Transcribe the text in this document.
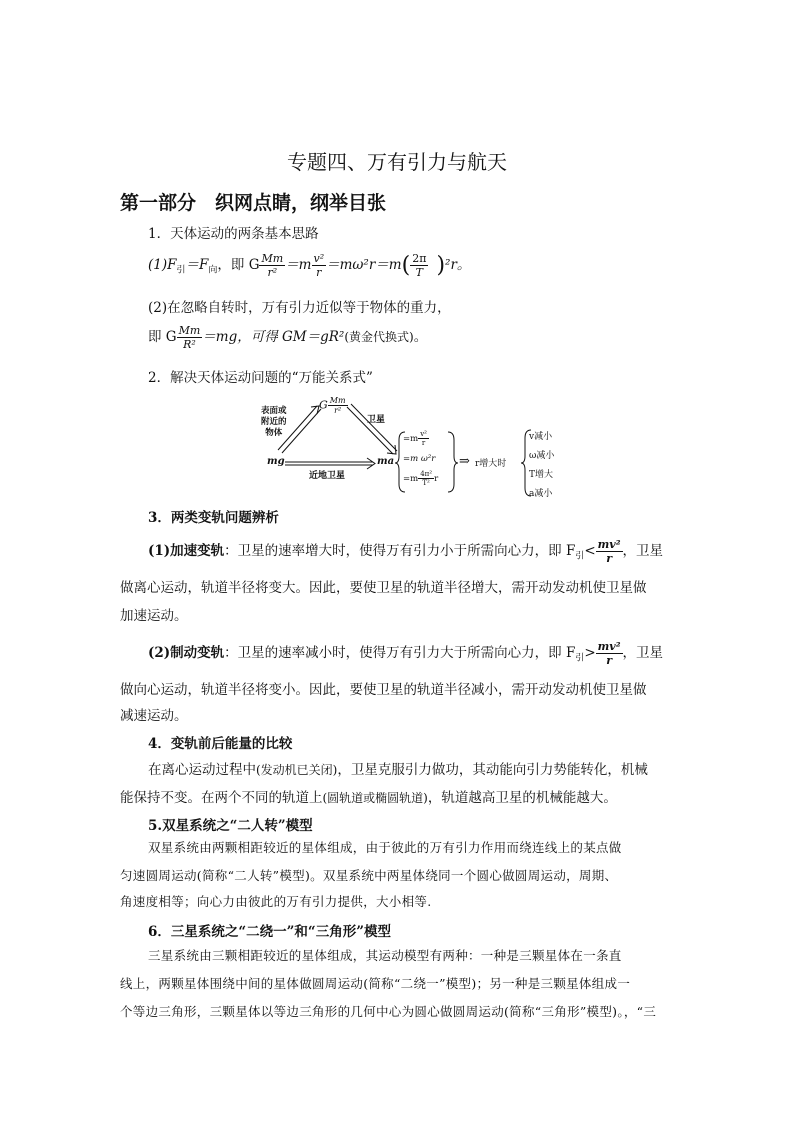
专题四、万有引力与航天
第一部分　织网点睛，纲举目张
1．天体运动的两条基本思路
$(1)F_引=F_向$，即 G $\frac{Mm}{\text{r²}} =m \frac{\text{v²}}{r} =m\omega^2r=m( \frac{2\pi}{T} )^2r$。
(2)在忽略自转时，万有引力近似等于物体的重力，
即 G $\frac{Mm}{\text{R²}} =mg$，可得 GM＝gR²(黄金代换式)。
2．解决天体运动问题的“万能关系式”
表面或
附近的
物体
G $\frac{Mm}{\text{r²}}$
卫星
mg	ma
近地卫星
$=m \frac{\text{v²}}{r}$
=m ω²r
$=m \frac{\text{4π²}}{\text{T²}}$ r
⇒ r增大时
v减小
ω减小
T增大
a减小
3．两类变轨问题辨析
(1)加速变轨：卫星的速率增大时，使得万有引力小于所需向心力，即 $F_引< \frac{\text{mv²}}{r}$ ，卫星
做离心运动，轨道半径将变大。因此，要使卫星的轨道半径增大，需开动发动机使卫星做
加速运动。
(2)制动变轨：卫星的速率减小时，使得万有引力大于所需向心力，即 $F_引> \frac{\text{mv²}}{r}$ ，卫星
做向心运动，轨道半径将变小。因此，要使卫星的轨道半径减小，需开动发动机使卫星做
减速运动。
4．变轨前后能量的比较
在离心运动过程中(发动机已关闭)，卫星克服引力做功，其动能向引力势能转化，机械
能保持不变。在两个不同的轨道上(圆轨道或椭圆轨道)，轨道越高卫星的机械能越大。
5.双星系统之“二人转”模型
双星系统由两颗相距较近的星体组成，由于彼此的万有引力作用而绕连线上的某点做
匀速圆周运动(简称“二人转”模型)。双星系统中两星体绕同一个圆心做圆周运动，周期、
角速度相等；向心力由彼此的万有引力提供，大小相等.
6．三星系统之“二绕一”和“三角形”模型
三星系统由三颗相距较近的星体组成，其运动模型有两种：一种是三颗星体在一条直
线上，两颗星体围绕中间的星体做圆周运动(简称“二绕一”模型)；另一种是三颗星体组成一
个等边三角形，三颗星体以等边三角形的几何中心为圆心做圆周运动(简称“三角形”模型)。，“三
